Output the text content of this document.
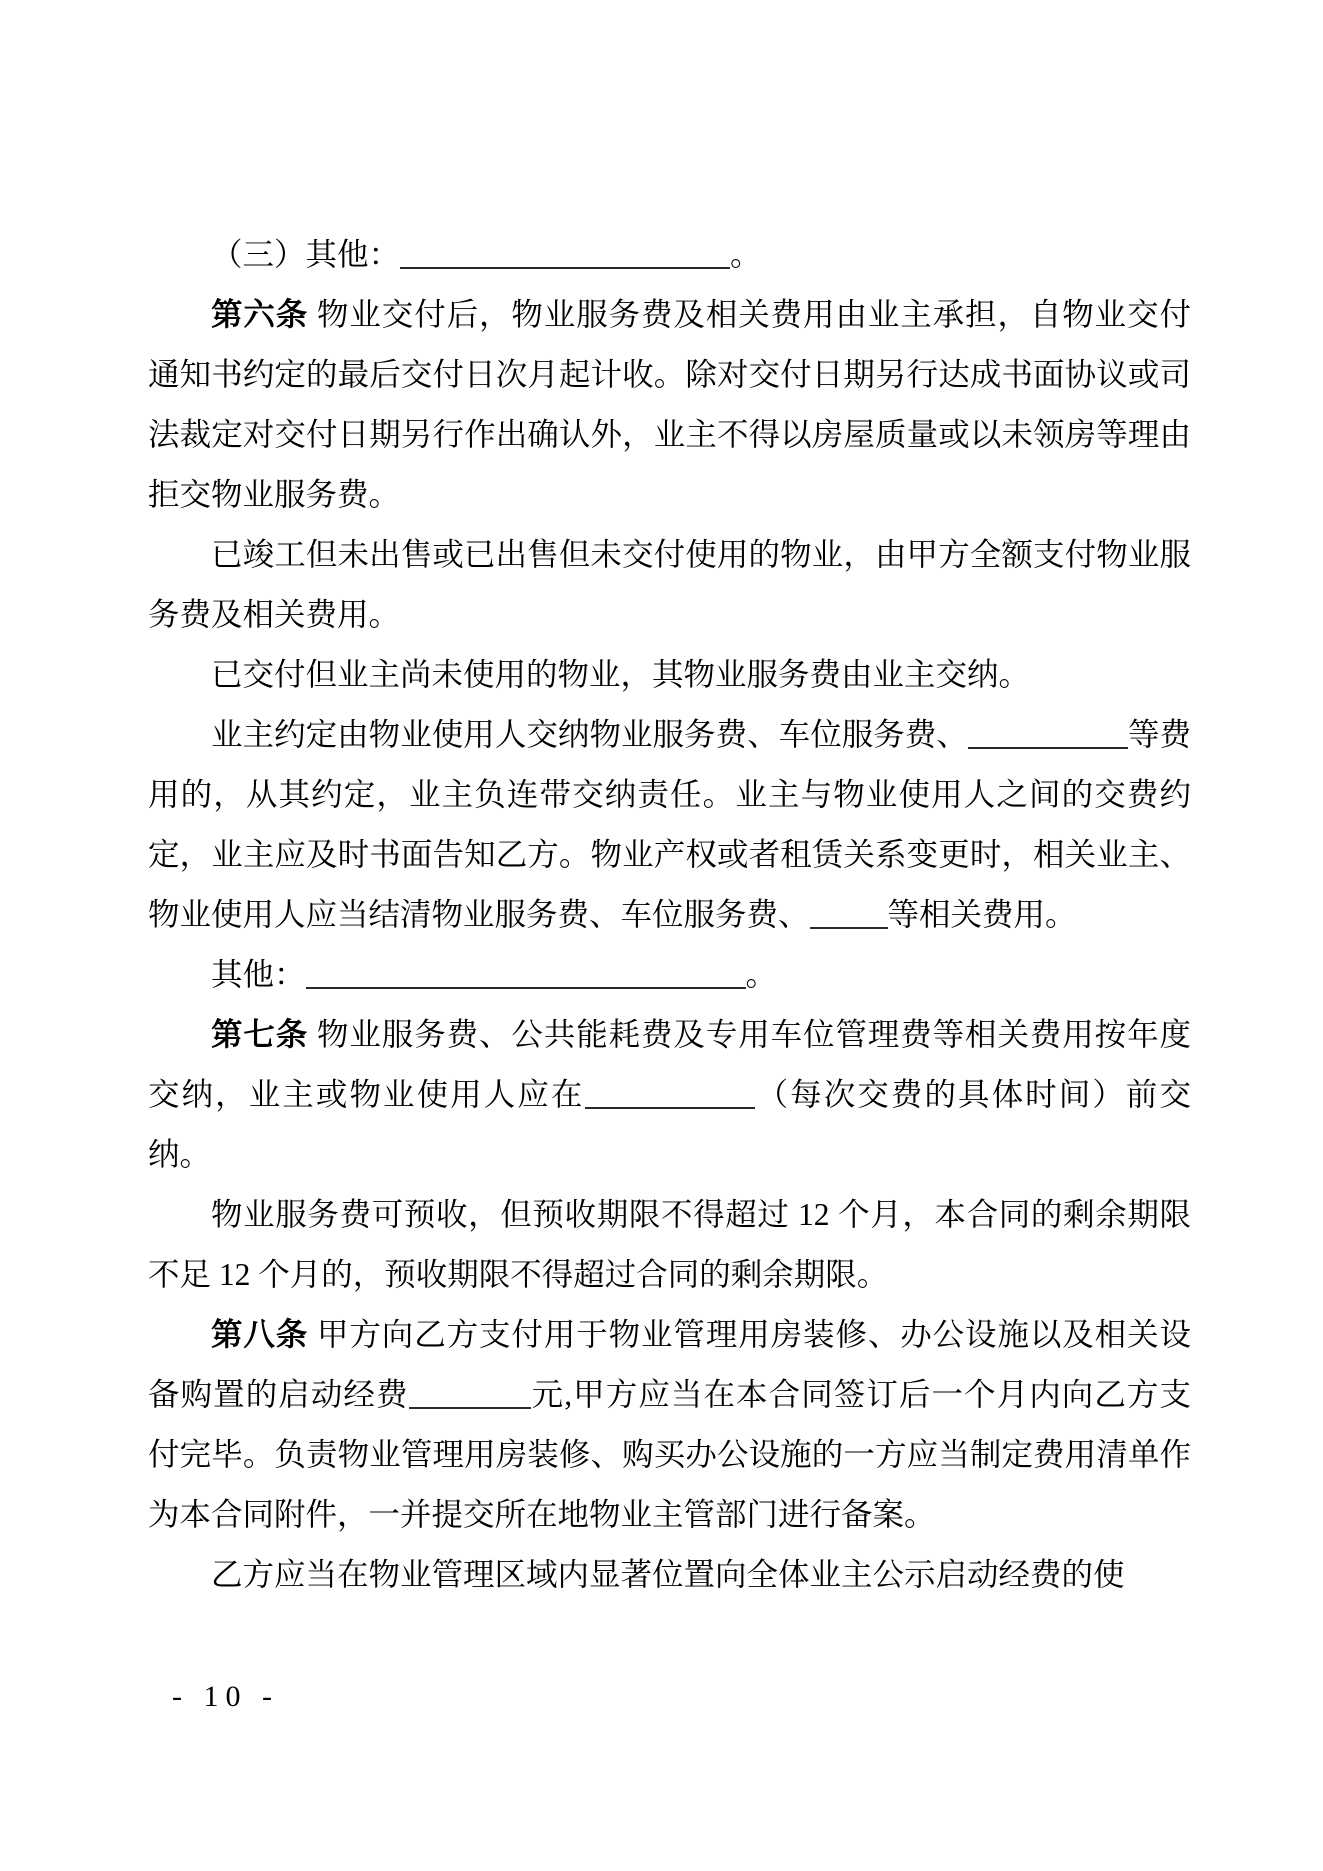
（三）其他：	。

第六条 物业交付后，物业服务费及相关费用由业主承担，自物业交付通知书约定的最后交付日次月起计收。除对交付日期另行达成书面协议或司法裁定对交付日期另行作出确认外，业主不得以房屋质量或以未领房等理由拒交物业服务费。

已竣工但未出售或已出售但未交付使用的物业，由甲方全额支付物业服务费及相关费用。

已交付但业主尚未使用的物业，其物业服务费由业主交纳。

业主约定由物业使用人交纳物业服务费、车位服务费、	等费用的，从其约定，业主负连带交纳责任。业主与物业使用人之间的交费约定，业主应及时书面告知乙方。物业产权或者租赁关系变更时，相关业主、物业使用人应当结清物业服务费、车位服务费、 等相关费用。

其他：	。

第七条 物业服务费、公共能耗费及专用车位管理费等相关费用按年度交纳，业主或物业使用人应在	（每次交费的具体时间）前交纳。

物业服务费可预收，但预收期限不得超过 12 个月，本合同的剩余期限不足 12 个月的，预收期限不得超过合同的剩余期限。

第八条 甲方向乙方支付用于物业管理用房装修、办公设施以及相关设备购置的启动经费	元,甲方应当在本合同签订后一个月内向乙方支付完毕。负责物业管理用房装修、购买办公设施的一方应当制定费用清单作为本合同附件，一并提交所在地物业主管部门进行备案。

乙方应当在物业管理区域内显著位置向全体业主公示启动经费的使

- 10 -
